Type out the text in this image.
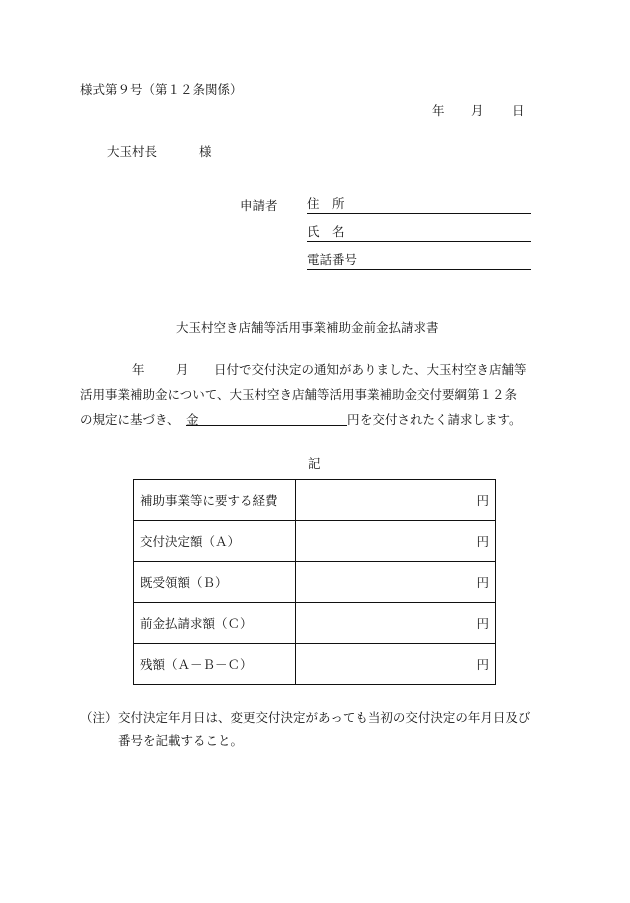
様式第９号（第１２条関係）
年 月 日
大玉村長	様
申請者 住　所
氏　名
電話番号
大玉村空き店舗等活用事業補助金前金払請求書
年	月 日付で交付決定の通知がありました、大玉村空き店舗等
活用事業補助金について、大玉村空き店舗等活用事業補助金交付要綱第１２条
の規定に基づき、 金	円 を交付されたく請求します。
記
補助事業等に要する経費	円
交付決定額（Ａ）	円
既受領額（Ｂ）	円
前金払請求額（Ｃ）	円
残額（Ａ－Ｂ－Ｃ）	円
（注） 交付決定年月日は、変更交付決定があっても当初の交付決定の年月日及び
番号を記載すること。
